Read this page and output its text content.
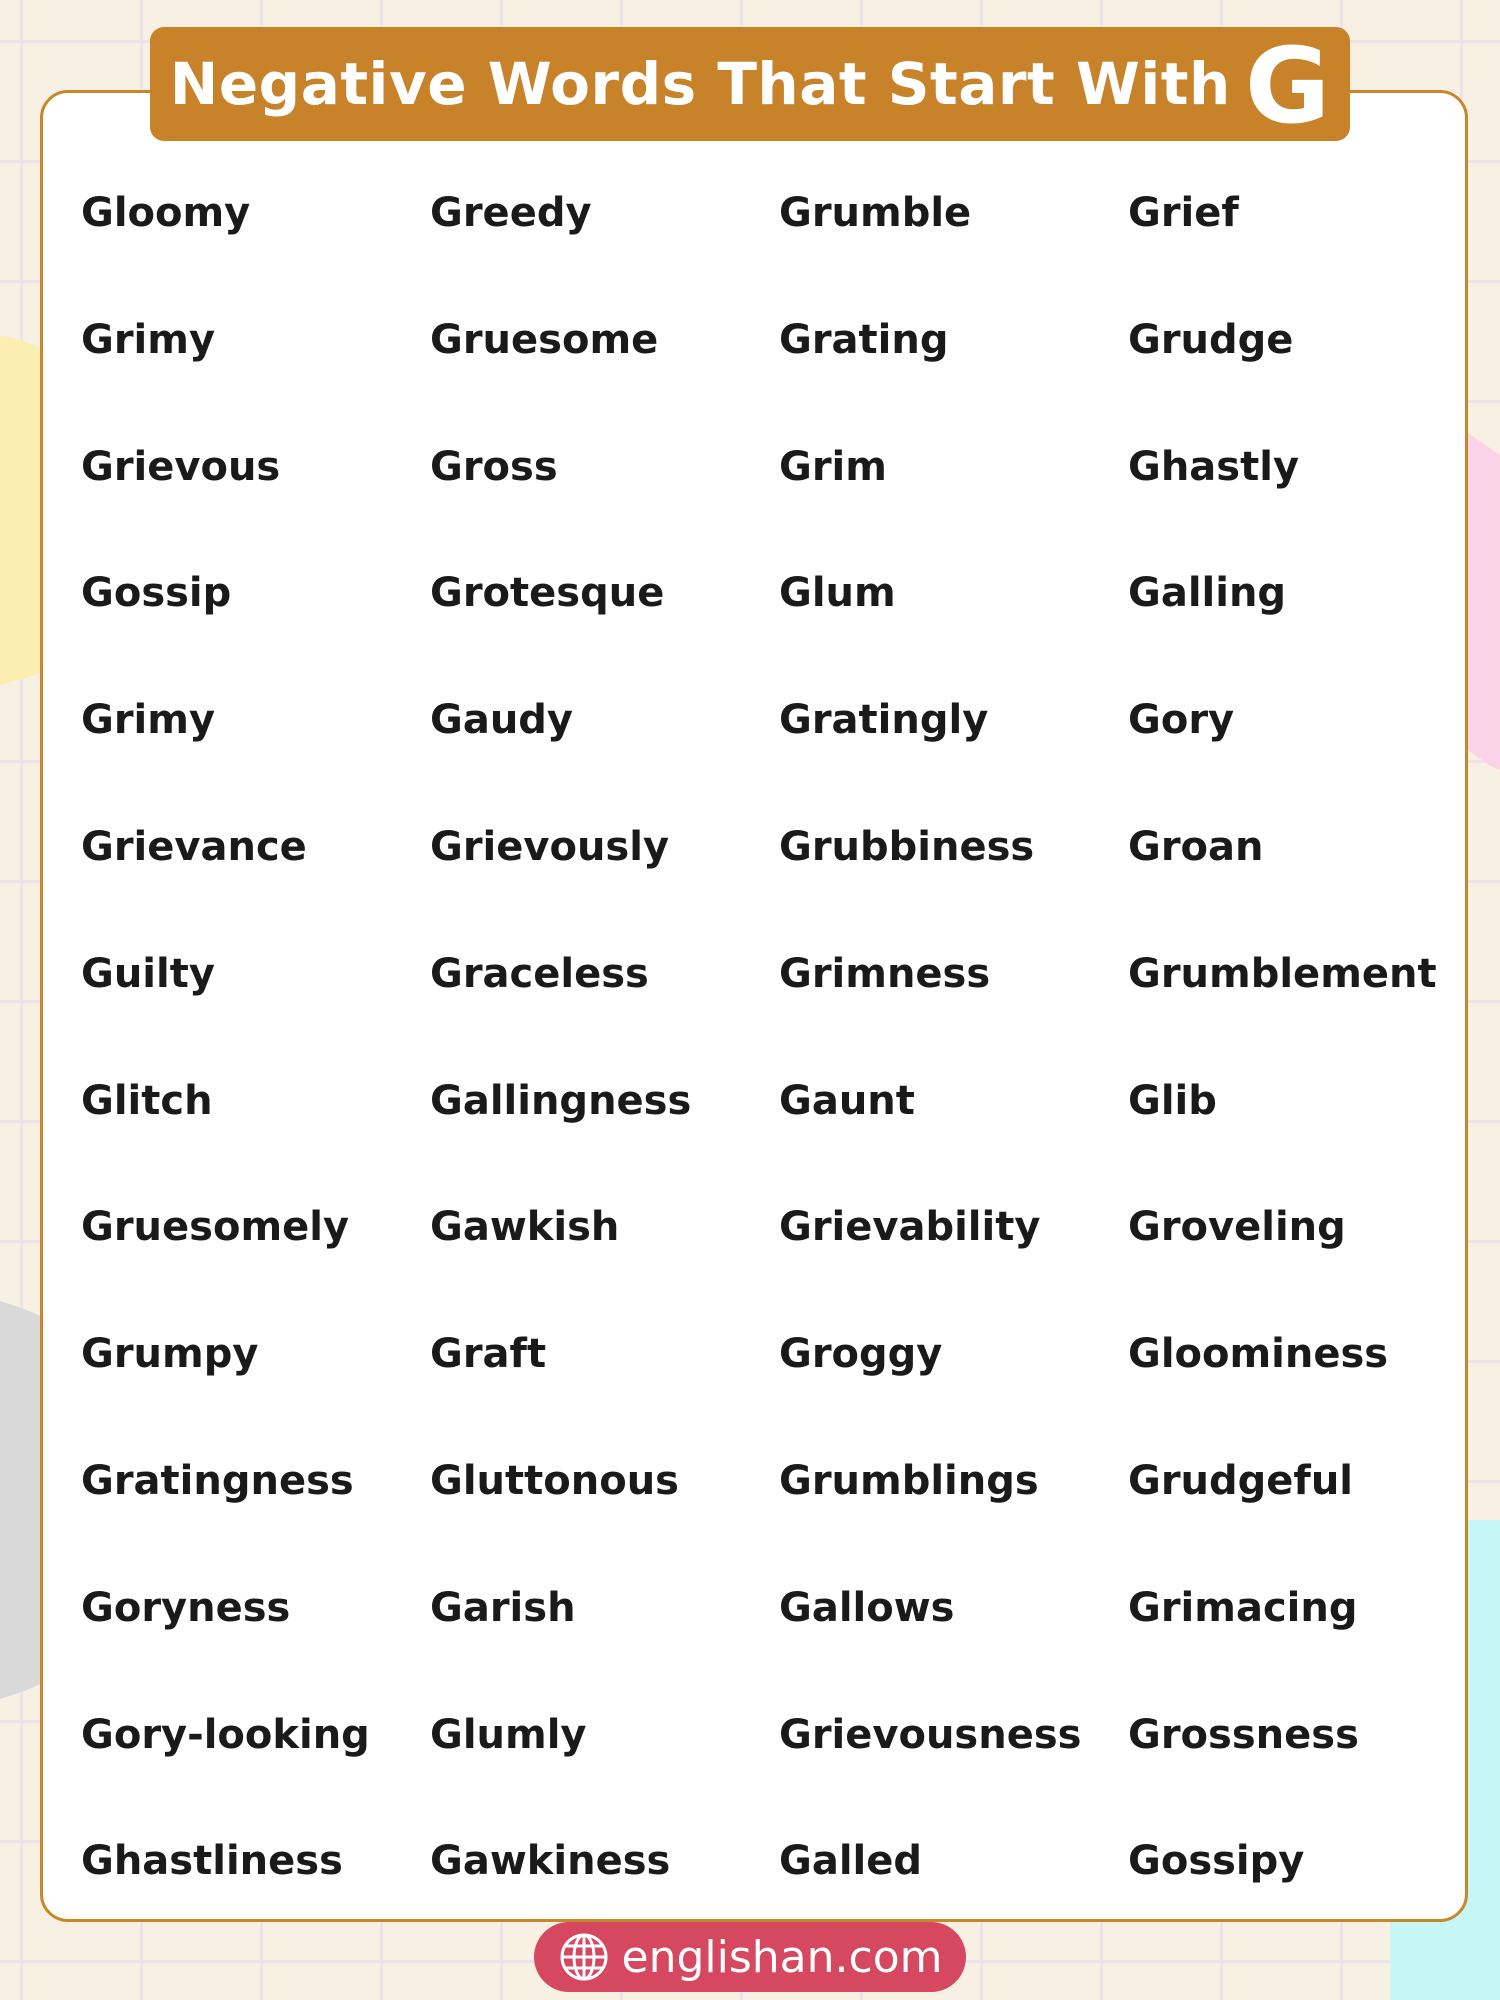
Negative Words That Start With G
Gloomy	Greedy	Grumble	Grief
Grimy	Gruesome	Grating	Grudge
Grievous	Gross	Grim	Ghastly
Gossip	Grotesque	Glum	Galling
Grimy	Gaudy	Gratingly	Gory
Grievance	Grievously	Grubbiness	Groan
Guilty	Graceless	Grimness	Grumblement
Glitch	Gallingness	Gaunt	Glib
Gruesomely	Gawkish	Grievability	Groveling
Grumpy	Graft	Groggy	Gloominess
Gratingness	Gluttonous	Grumblings	Grudgeful
Goryness	Garish	Gallows	Grimacing
Gory-looking	Glumly	Grievousness	Grossness
Ghastliness	Gawkiness	Galled	Gossipy
englishan.com
